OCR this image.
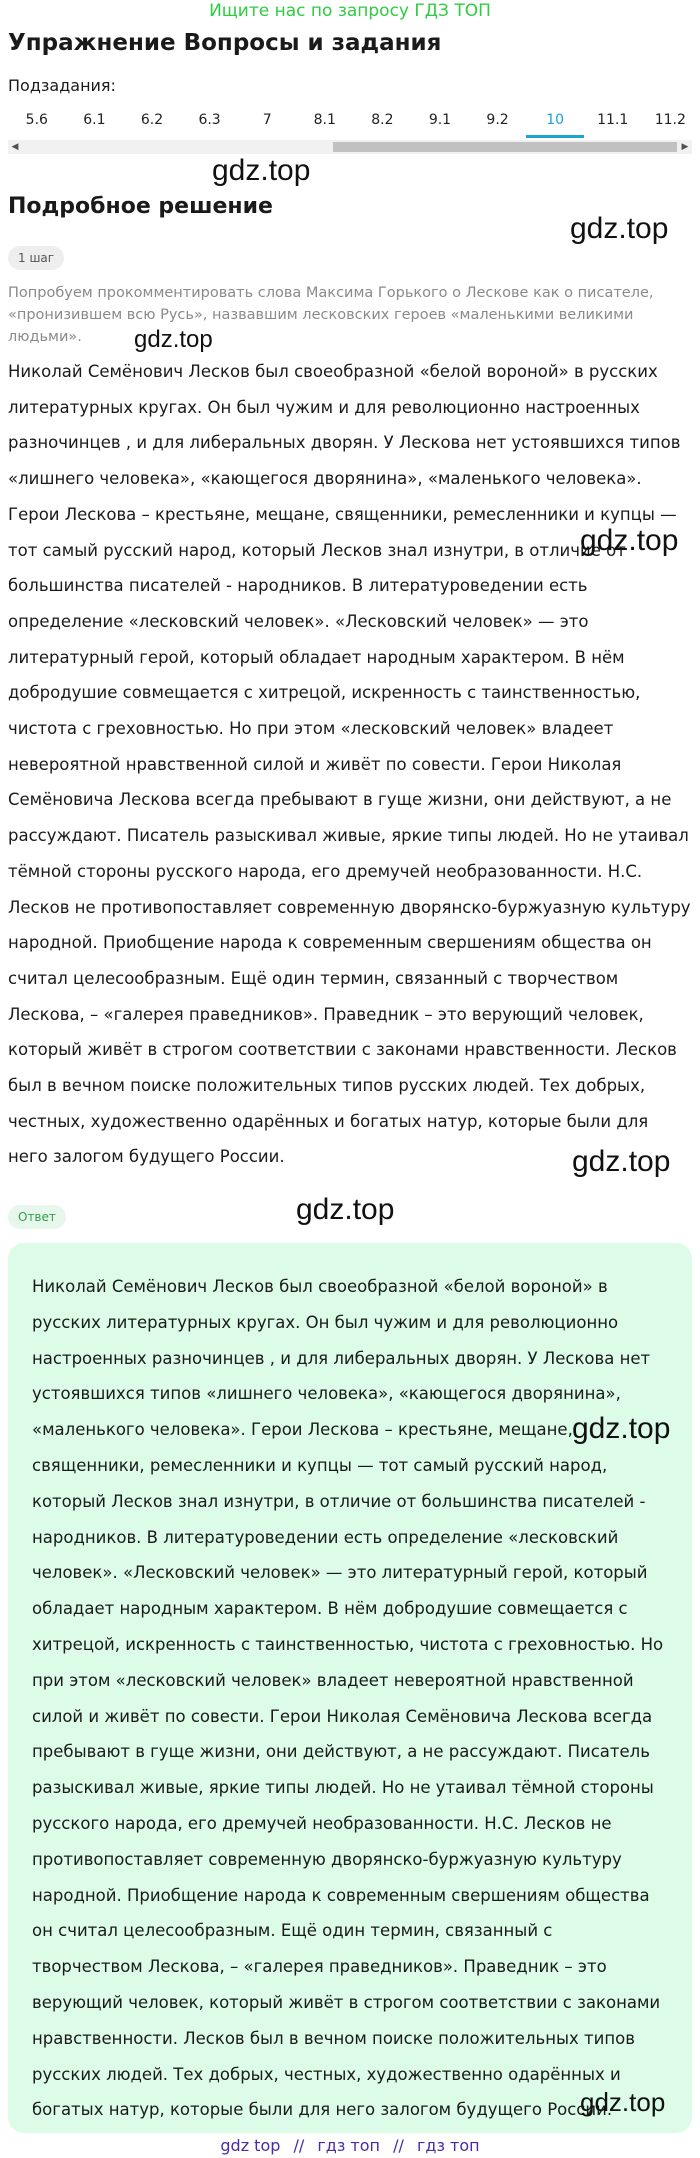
Ищите нас по запросу ГДЗ ТОП
Упражнение Вопросы и задания
Подзадания:
5.6	6.1	6.2	6.3	7	8.1	8.2	9.1	9.2	10	11.1	11.2
◀	▶
gdz.top
Подробное решение
gdz.top
1 шаг

Попробуем прокомментировать слова Максима Горького о Лескове как о писателе, «пронизившем всю Русь», назвавшим лесковских героев «маленькими великими людьми».	gdz.top

Николай Семёнович Лесков был своеобразной «белой вороной» в русских литературных кругах. Он был чужим и для революционно настроенных разночинцев , и для либеральных дворян. У Лескова нет устоявшихся типов «лишнего человека», «кающегося дворянина», «маленького человека». Герои Лескова – крестьяне, мещане, священники, ремесленники и купцы — тот самый русский народ, который Лесков знал изнутри, в отличие от большинства писателей - народников. В литературоведении есть определение «лесковский человек». «Лесковский человек» — это литературный герой, который обладает народным характером. В нём добродушие совмещается с хитрецой, искренность с таинственностью, чистота с греховностью. Но при этом «лесковский человек» владеет невероятной нравственной силой и живёт по совести. Герои Николая Семёновича Лескова всегда пребывают в гуще жизни, они действуют, а не рассуждают. Писатель разыскивал живые, яркие типы людей. Но не утаивал тёмной стороны русского народа, его дремучей необразованности. Н.С. Лесков не противопоставляет современную дворянско-буржуазную культуру народной. Приобщение народа к современным свершениям общества он считал целесообразным. Ещё один термин, связанный с творчеством Лескова, – «галерея праведников». Праведник – это верующий человек, который живёт в строгом соответствии с законами нравственности. Лесков был в вечном поиске положительных типов русских людей. Тех добрых, честных, художественно одарённых и богатых натур, которые были для него залогом будущего России.

gdz.top
gdz.top
Ответ	gdz.top

Николай Семёнович Лесков был своеобразной «белой вороной» в русских литературных кругах. Он был чужим и для революционно настроенных разночинцев , и для либеральных дворян. У Лескова нет устоявшихся типов «лишнего человека», «кающегося дворянина», «маленького человека». Герои Лескова – крестьяне, мещане, священники, ремесленники и купцы — тот самый русский народ, который Лесков знал изнутри, в отличие от большинства писателей - народников. В литературоведении есть определение «лесковский человек». «Лесковский человек» — это литературный герой, который обладает народным характером. В нём добродушие совмещается с хитрецой, искренность с таинственностью, чистота с греховностью. Но при этом «лесковский человек» владеет невероятной нравственной силой и живёт по совести. Герои Николая Семёновича Лескова всегда пребывают в гуще жизни, они действуют, а не рассуждают. Писатель разыскивал живые, яркие типы людей. Но не утаивал тёмной стороны русского народа, его дремучей необразованности. Н.С. Лесков не противопоставляет современную дворянско-буржуазную культуру народной. Приобщение народа к современным свершениям общества он считал целесообразным. Ещё один термин, связанный с творчеством Лескова, – «галерея праведников». Праведник – это верующий человек, который живёт в строгом соответствии с законами нравственности. Лесков был в вечном поиске положительных типов русских людей. Тех добрых, честных, художественно одарённых и богатых натур, которые были для него залогом будущего России.

gdz.top
gdz.top
gdz top // гдз топ // гдз топ
